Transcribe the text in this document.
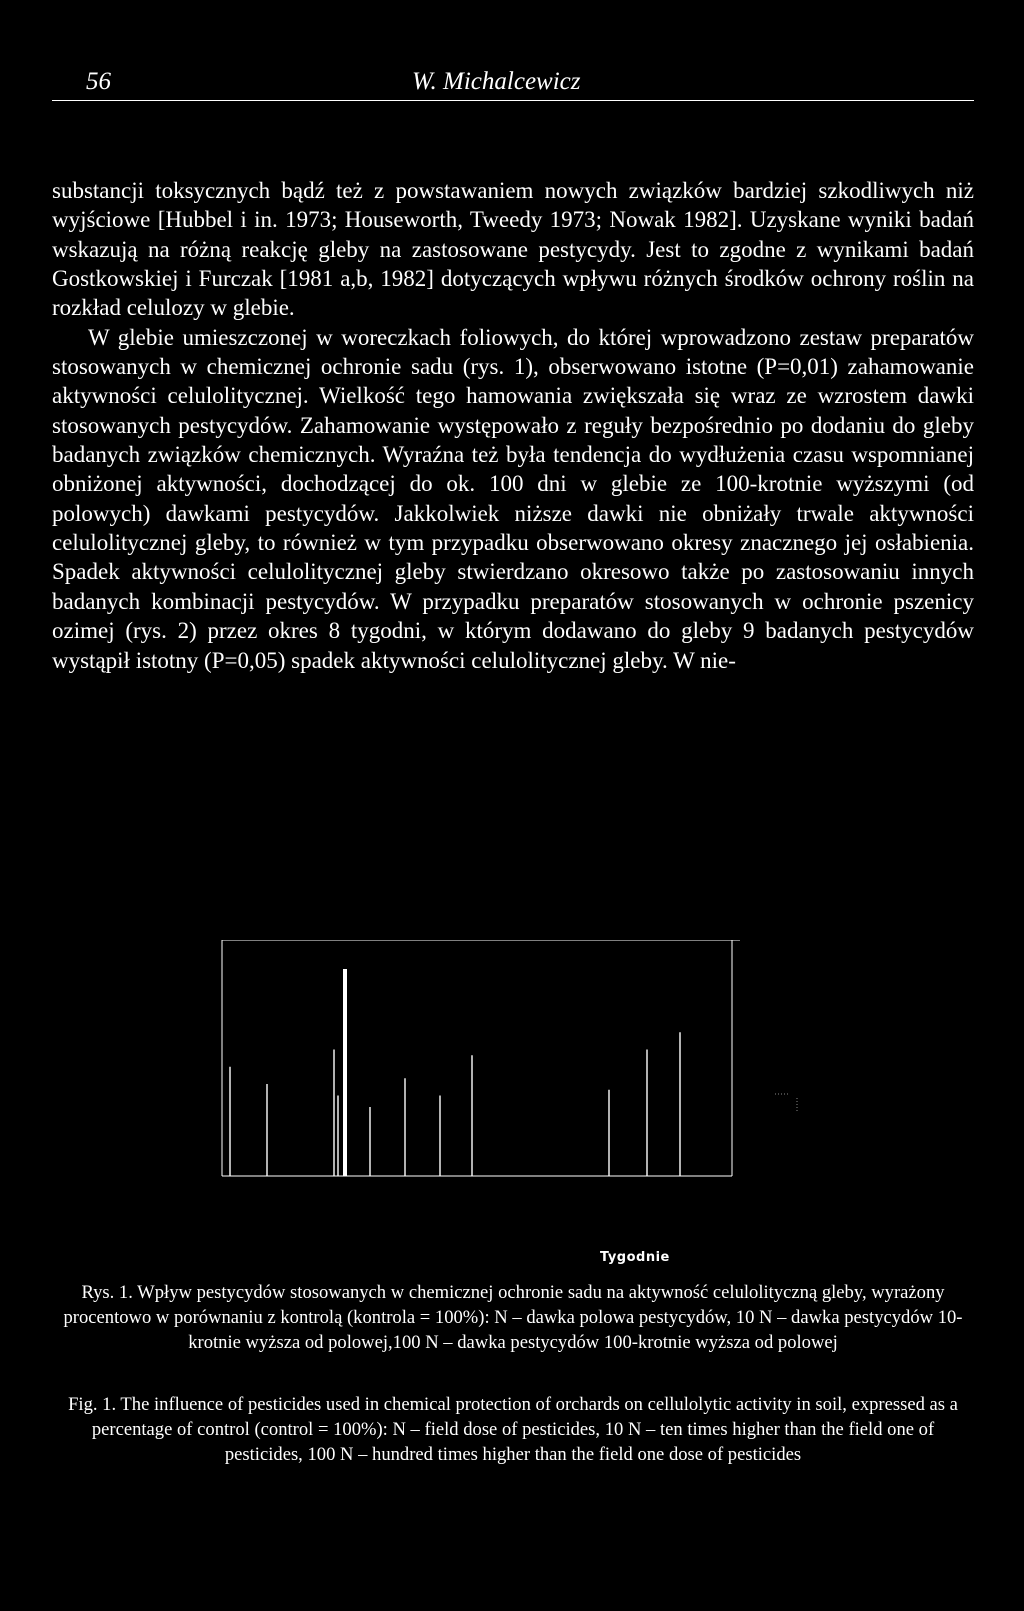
56	W. Michalcewicz

substancji toksycznych bądź też z powstawaniem nowych związków bardziej szkodliwych niż wyjściowe [Hubbel i in. 1973; Houseworth, Tweedy 1973; Nowak 1982]. Uzyskane wyniki badań wskazują na różną reakcję gleby na zastosowane pestycydy. Jest to zgodne z wynikami badań Gostkowskiej i Furczak [1981 a,b, 1982] dotyczących wpływu różnych środków ochrony roślin na rozkład celulozy w glebie.

W glebie umieszczonej w woreczkach foliowych, do której wprowadzono zestaw preparatów stosowanych w chemicznej ochronie sadu (rys. 1), obserwowano istotne (P=0,01) zahamowanie aktywności celulolitycznej. Wielkość tego hamowania zwiększała się wraz ze wzrostem dawki stosowanych pestycydów. Zahamowanie występowało z reguły bezpośrednio po dodaniu do gleby badanych związków chemicznych. Wyraźna też była tendencja do wydłużenia czasu wspomnianej obniżonej aktywności, dochodzącej do ok. 100 dni w glebie ze 100-krotnie wyższymi (od polowych) dawkami pestycydów. Jakkolwiek niższe dawki nie obniżały trwale aktywności celulolitycznej gleby, to również w tym przypadku obserwowano okresy znacznego jej osłabienia. Spadek aktywności celulolitycznej gleby stwierdzano okresowo także po zastosowaniu innych badanych kombinacji pestycydów. W przypadku preparatów stosowanych w ochronie pszenicy ozimej (rys. 2) przez okres 8 tygodni, w którym dodawano do gleby 9 badanych pestycydów wystąpił istotny (P=0,05) spadek aktywności celulolitycznej gleby. W nie-

Tygodnie

Rys. 1. Wpływ pestycydów stosowanych w chemicznej ochronie sadu na aktywność celulolityczną gleby, wyrażony procentowo w porównaniu z kontrolą (kontrola = 100%): N – dawka polowa pestycydów, 10 N – dawka pestycydów 10-krotnie wyższa od polowej,100 N – dawka pestycydów 100-krotnie wyższa od polowej

Fig. 1. The influence of pesticides used in chemical protection of orchards on cellulolytic activity in soil, expressed as a percentage of control (control = 100%): N – field dose of pesticides, 10 N – ten times higher than the field one of pesticides, 100 N – hundred times higher than the field one dose of pesticides
